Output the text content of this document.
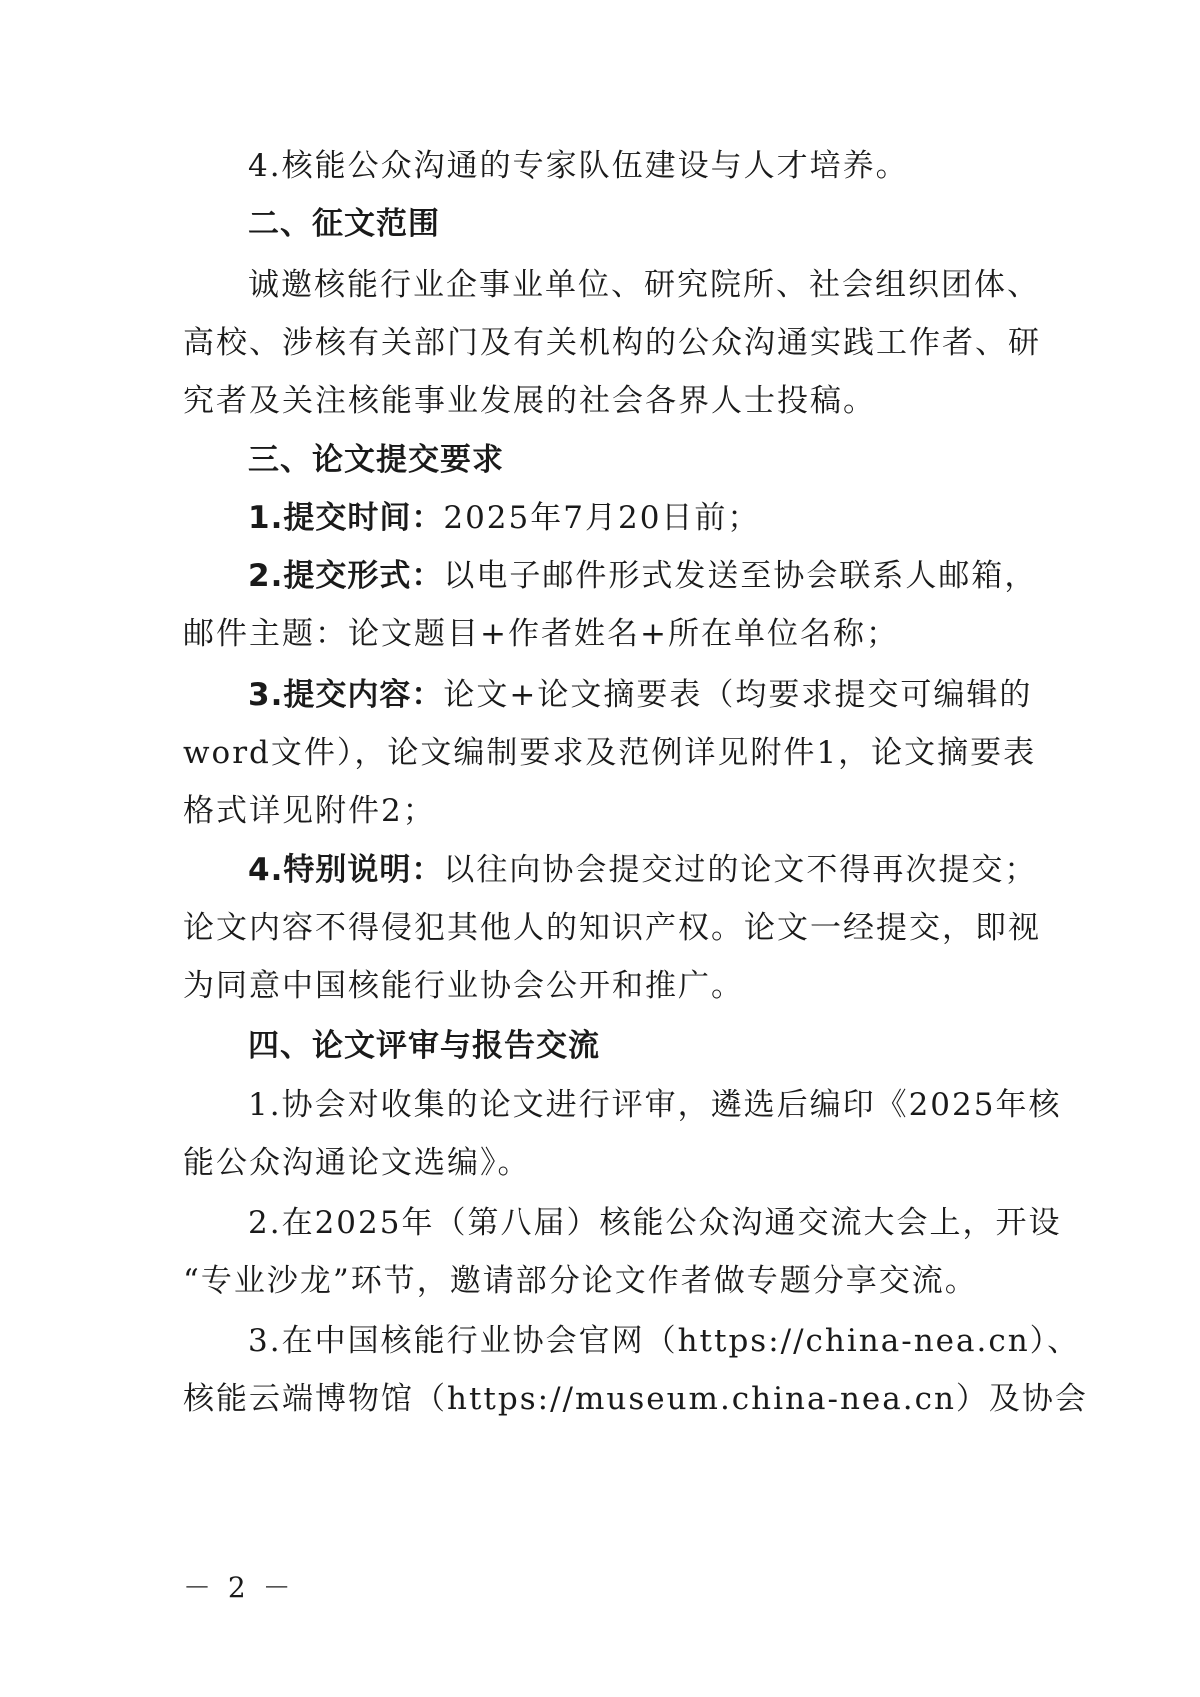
4.核能公众沟通的专家队伍建设与人才培养。
二、征文范围
诚邀核能行业企事业单位、研究院所、社会组织团体、
高校、涉核有关部门及有关机构的公众沟通实践工作者、研
究者及关注核能事业发展的社会各界人士投稿。
三、论文提交要求
1.提交时间：2025年7月20日前；
2.提交形式：以电子邮件形式发送至协会联系人邮箱，
邮件主题：论文题目+作者姓名+所在单位名称；
3.提交内容：论文+论文摘要表（均要求提交可编辑的
word文件），论文编制要求及范例详见附件1，论文摘要表
格式详见附件2；
4.特别说明：以往向协会提交过的论文不得再次提交；
论文内容不得侵犯其他人的知识产权。论文一经提交，即视
为同意中国核能行业协会公开和推广。
四、论文评审与报告交流
1.协会对收集的论文进行评审，遴选后编印《2025年核
能公众沟通论文选编》。
2.在2025年（第八届）核能公众沟通交流大会上，开设
“专业沙龙”环节，邀请部分论文作者做专题分享交流。
3.在中国核能行业协会官网（https://china-nea.cn）、
核能云端博物馆（https://museum.china-nea.cn）及协会
－ 2 －
